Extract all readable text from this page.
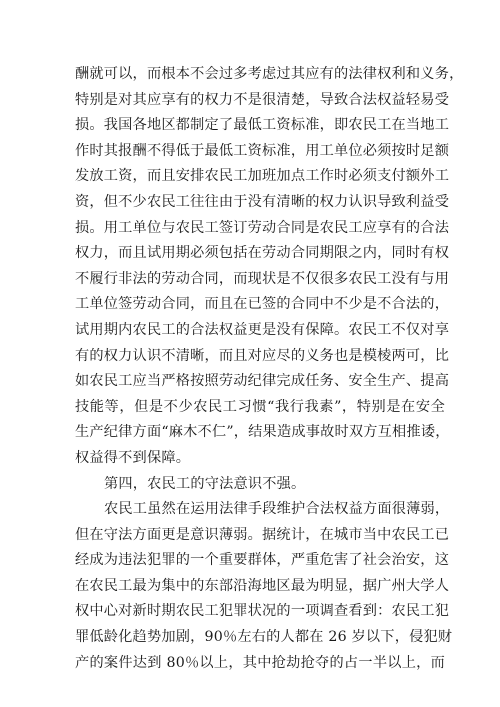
酬就可以，而根本不会过多考虑过其应有的法律权利和义务，
特别是对其应享有的权力不是很清楚，导致合法权益轻易受
损。我国各地区都制定了最低工资标准，即农民工在当地工
作时其报酬不得低于最低工资标准，用工单位必须按时足额
发放工资，而且安排农民工加班加点工作时必须支付额外工
资，但不少农民工往往由于没有清晰的权力认识导致利益受
损。用工单位与农民工签订劳动合同是农民工应享有的合法
权力，而且试用期必须包括在劳动合同期限之内，同时有权
不履行非法的劳动合同，而现状是不仅很多农民工没有与用
工单位签劳动合同，而且在已签的合同中不少是不合法的，
试用期内农民工的合法权益更是没有保障。农民工不仅对享
有的权力认识不清晰，而且对应尽的义务也是模棱两可，比
如农民工应当严格按照劳动纪律完成任务、安全生产、提高
技能等，但是不少农民工习惯“我行我素”，特别是在安全
生产纪律方面“麻木不仁”，结果造成事故时双方互相推诿，
权益得不到保障。
第四，农民工的守法意识不强。
农民工虽然在运用法律手段维护合法权益方面很薄弱，
但在守法方面更是意识薄弱。据统计，在城市当中农民工已
经成为违法犯罪的一个重要群体，严重危害了社会治安，这
在农民工最为集中的东部沿海地区最为明显，据广州大学人
权中心对新时期农民工犯罪状况的一项调查看到：农民工犯
罪低龄化趋势加剧，90％左右的人都在 26 岁以下，侵犯财
产的案件达到 80％以上，其中抢劫抢夺的占一半以上，而
